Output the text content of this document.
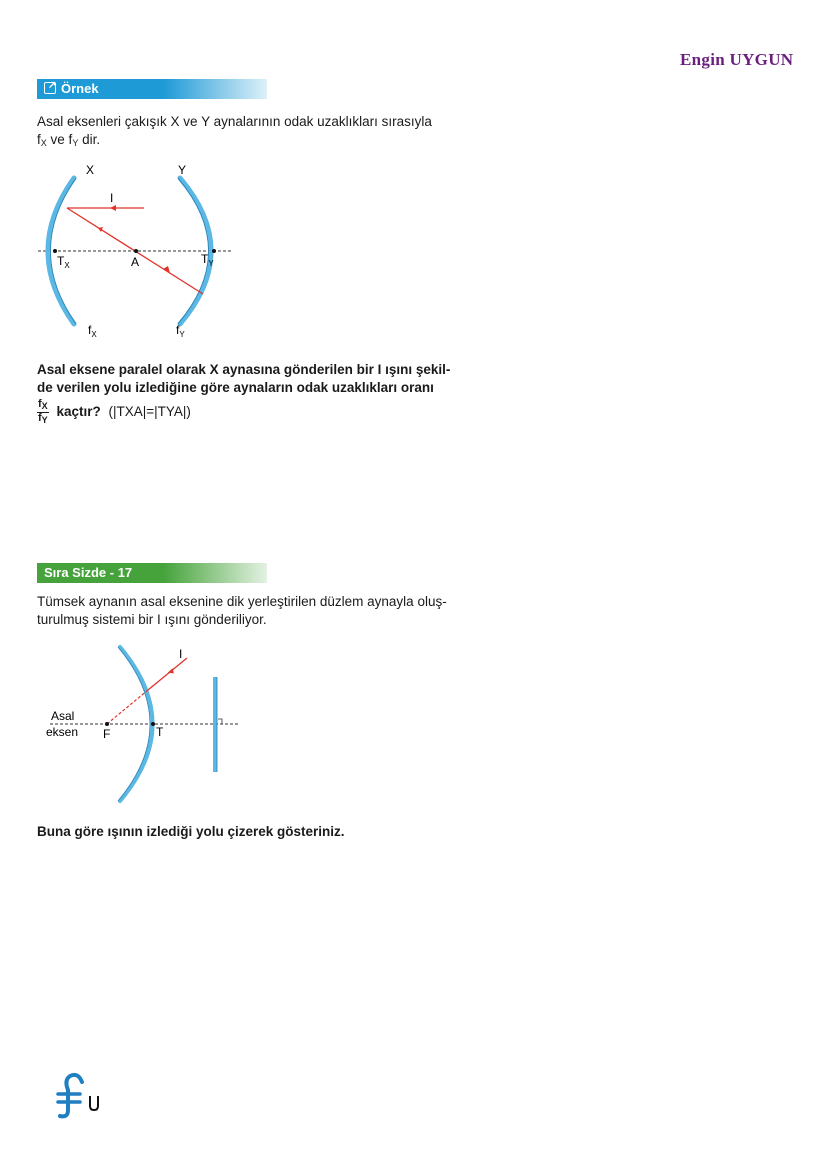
Engin UYGUN
↗Örnek
Asal eksenleri çakışık X ve Y aynalarının odak uzaklıkları sırasıyla
$f_X$ ve $f_Y$ dir.
X	Y
I
$T_X$	A	$T_Y$
$f_X$	$f_Y$
Asal eksene paralel olarak X aynasına gönderilen bir I ışını şekil-
de verilen yolu izlediğine göre aynaların odak uzaklıkları oranı
$\frac{f_X}{f_Y}$ kaçtır? (|TXA|=|TYA|)
Sıra Sizde - 17
Tümsek aynanın asal eksenine dik yerleştirilen düzlem aynayla oluş-
turulmuş sistemi bir I ışını gönderiliyor.
I
Asal
eksen F	T
Buna göre ışının izlediği yolu çizerek gösteriniz.
